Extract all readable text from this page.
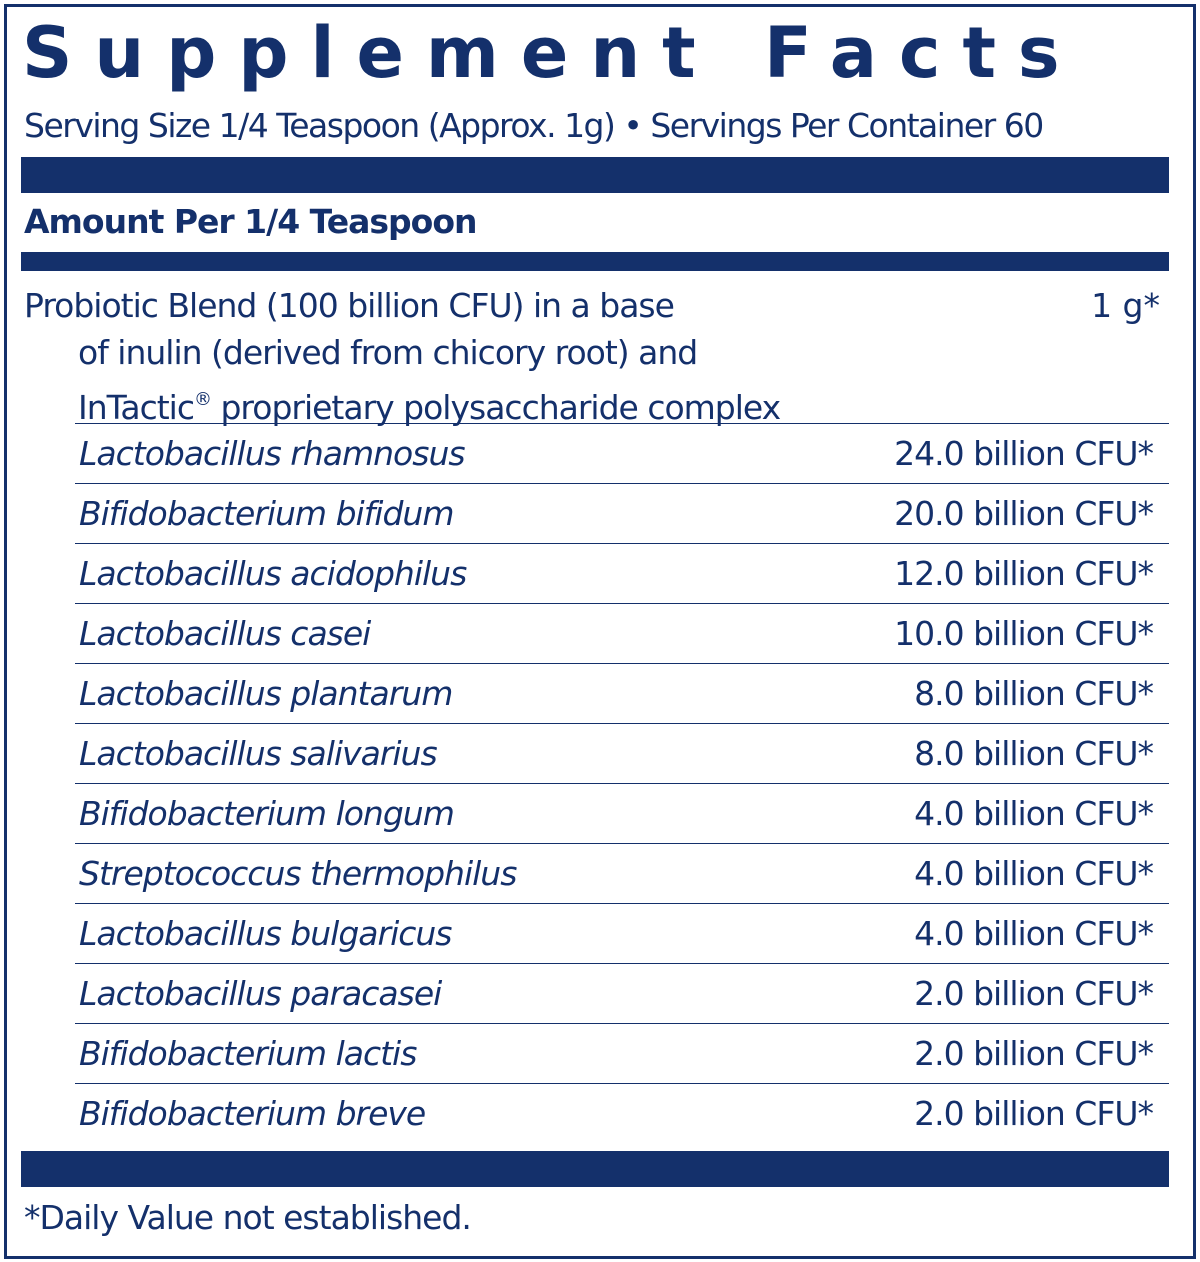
Supplement Facts
Serving Size 1/4 Teaspoon (Approx. 1g) • Servings Per Container 60
Amount Per 1/4 Teaspoon
Probiotic Blend (100 billion CFU) in a base
of inulin (derived from chicory root) and
InTactic® proprietary polysaccharide complex
1 g*
Lactobacillus rhamnosus	24.0 billion CFU*
Bifidobacterium bifidum	20.0 billion CFU*
Lactobacillus acidophilus	12.0 billion CFU*
Lactobacillus casei	10.0 billion CFU*
Lactobacillus plantarum	8.0 billion CFU*
Lactobacillus salivarius	8.0 billion CFU*
Bifidobacterium longum	4.0 billion CFU*
Streptococcus thermophilus	4.0 billion CFU*
Lactobacillus bulgaricus	4.0 billion CFU*
Lactobacillus paracasei	2.0 billion CFU*
Bifidobacterium lactis	2.0 billion CFU*
Bifidobacterium breve	2.0 billion CFU*
*Daily Value not established.
